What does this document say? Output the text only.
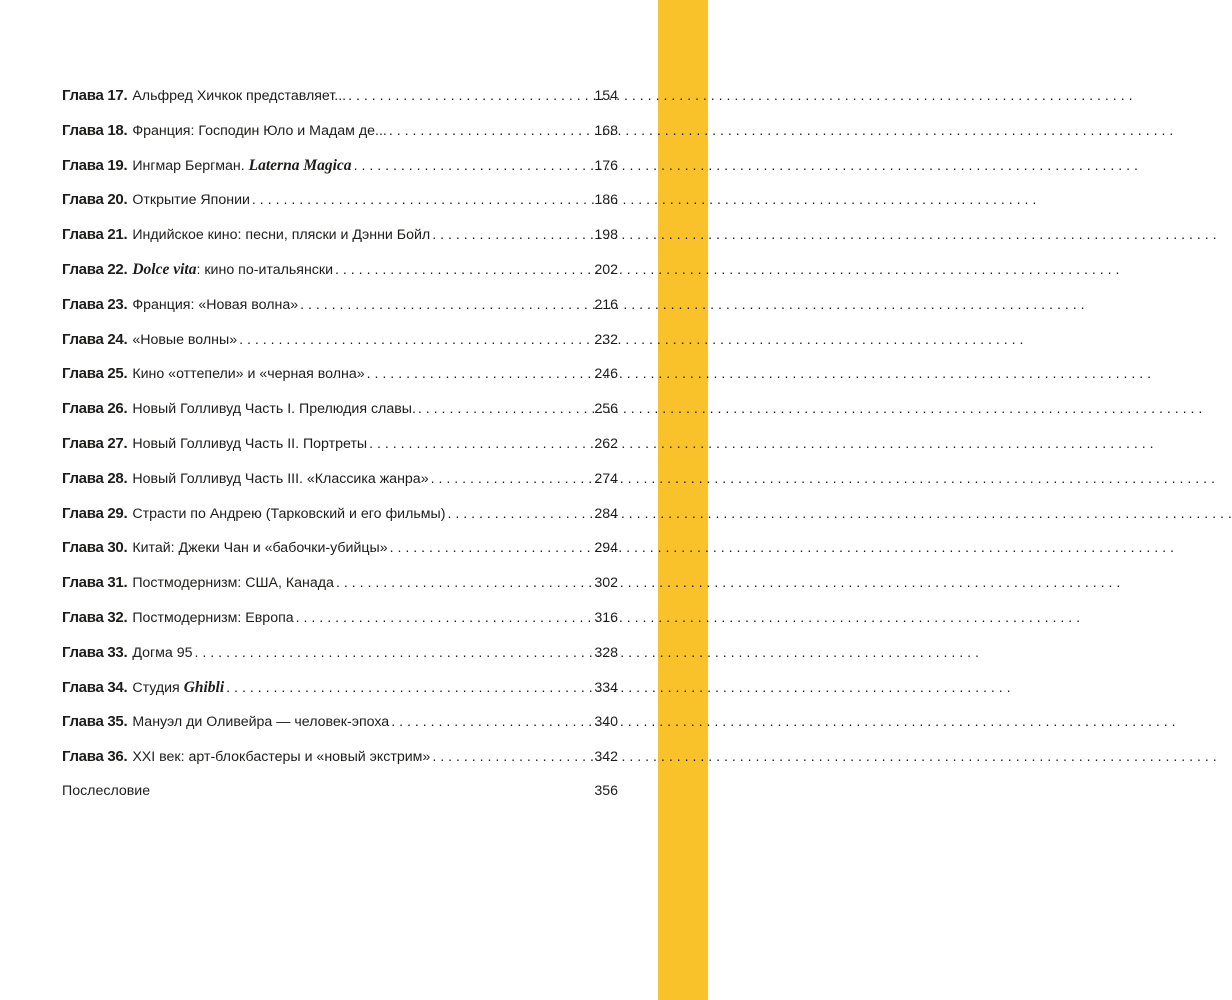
Глава 17. Альфред Хичкок представляет... . . .	154
Глава 18. Франция: Господин Юло и Мадам де... . . .	168
Глава 19. Ингмар Бергман. Laterna Magica . . .	176
Глава 20. Открытие Японии . . .	186
Глава 21. Индийское кино: песни, пляски и Дэнни Бойл . . .	198
Глава 22. Dolce vita: кино по-итальянски . . .	202
Глава 23. Франция: «Новая волна» . . .	216
Глава 24. «Новые волны» . . .	232
Глава 25. Кино «оттепели» и «черная волна» . . .	246
Глава 26. Новый Голливуд Часть I. Прелюдия славы. . . .	256
Глава 27. Новый Голливуд Часть II. Портреты . . .	262
Глава 28. Новый Голливуд Часть III. «Классика жанра» . . .	274
Глава 29. Страсти по Андрею (Тарковский и его фильмы) . . .	284
Глава 30. Китай: Джеки Чан и «бабочки-убийцы» . . .	294
Глава 31. Постмодернизм: США, Канада . . .	302
Глава 32. Постмодернизм: Европа . . .	316
Глава 33. Догма 95 . . .	328
Глава 34. Студия Ghibli . . .	334
Глава 35. Мануэл ди Оливейра — человек-эпоха . . .	340
Глава 36. XXI век: арт-блокбастеры и «новый экстрим» . . .	342
Послесловие	356
